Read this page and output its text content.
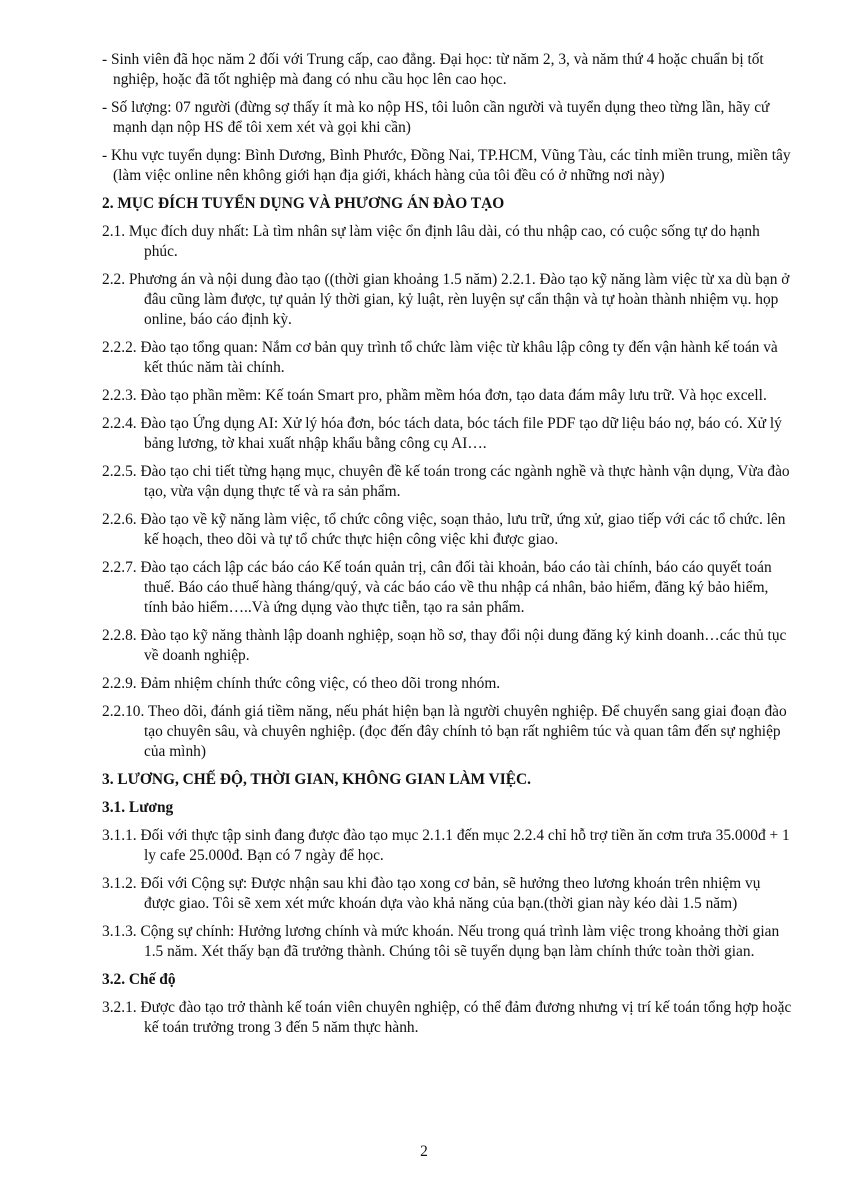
- Sinh viên đã học năm 2 đối với Trung cấp, cao đẳng. Đại học: từ năm 2, 3, và năm thứ 4 hoặc chuẩn bị tốt nghiệp, hoặc đã tốt nghiệp mà đang có nhu cầu học lên cao học.
- Số lượng: 07 người (đừng sợ thấy ít mà ko nộp HS, tôi luôn cần người và tuyển dụng theo từng lần, hãy cứ mạnh dạn nộp HS để tôi xem xét và gọi khi cần)
- Khu vực tuyển dụng: Bình Dương, Bình Phước, Đồng Nai, TP.HCM, Vũng Tàu, các tỉnh miền trung, miền tây (làm việc online nên không giới hạn địa giới, khách hàng của tôi đều có ở những nơi này)
2. MỤC ĐÍCH TUYỂN DỤNG VÀ PHƯƠNG ÁN ĐÀO TẠO
2.1. Mục đích duy nhất: Là tìm nhân sự làm việc ổn định lâu dài, có thu nhập cao, có cuộc sống tự do hạnh phúc.
2.2. Phương án và nội dung đào tạo ((thời gian khoảng 1.5 năm) 2.2.1. Đào tạo kỹ năng làm việc từ xa dù bạn ở đâu cũng làm được, tự quản lý thời gian, kỷ luật, rèn luyện sự cẩn thận và tự hoàn thành nhiệm vụ. họp online, báo cáo định kỳ.
2.2.2. Đào tạo tổng quan: Nắm cơ bản quy trình tổ chức làm việc từ khâu lập công ty đến vận hành kế toán và kết thúc năm tài chính.
2.2.3. Đào tạo phần mềm: Kế toán Smart pro, phầm mềm hóa đơn, tạo data đám mây lưu trữ. Và học excell.
2.2.4. Đào tạo Ứng dụng AI: Xử lý hóa đơn, bóc tách data, bóc tách file PDF tạo dữ liệu báo nợ, báo có. Xử lý bảng lương, tờ khai xuất nhập khẩu bằng công cụ AI….
2.2.5. Đào tạo chi tiết từng hạng mục, chuyên đề kế toán trong các ngành nghề và thực hành vận dụng, Vừa đào tạo, vừa vận dụng thực tế và ra sản phẩm.
2.2.6. Đào tạo về kỹ năng làm việc, tổ chức công việc, soạn thảo, lưu trữ, ứng xử, giao tiếp với các tổ chức. lên kế hoạch, theo dõi và tự tổ chức thực hiện công việc khi được giao.
2.2.7. Đào tạo cách lập các báo cáo Kế toán quản trị, cân đối tài khoản, báo cáo tài chính, báo cáo quyết toán thuế. Báo cáo thuế hàng tháng/quý, và các báo cáo về thu nhập cá nhân, bảo hiểm, đăng ký bảo hiểm, tính bảo hiểm…..Và ứng dụng vào thực tiễn, tạo ra sản phẩm.
2.2.8. Đào tạo kỹ năng thành lập doanh nghiệp, soạn hồ sơ, thay đổi nội dung đăng ký kinh doanh…các thủ tục về doanh nghiệp.
2.2.9. Đảm nhiệm chính thức công việc, có theo dõi trong nhóm.
2.2.10. Theo dõi, đánh giá tiềm năng, nếu phát hiện bạn là người chuyên nghiệp. Để chuyển sang giai đoạn đào tạo chuyên sâu, và chuyên nghiệp. (đọc đến đây chính tỏ bạn rất nghiêm túc và quan tâm đến sự nghiệp của mình)
3. LƯƠNG, CHẾ ĐỘ, THỜI GIAN, KHÔNG GIAN LÀM VIỆC.
3.1. Lương
3.1.1. Đối với thực tập sinh đang được đào tạo mục 2.1.1 đến mục 2.2.4 chỉ hỗ trợ tiền ăn cơm trưa 35.000đ + 1 ly cafe 25.000đ. Bạn có 7 ngày để học.
3.1.2. Đối với Cộng sự: Được nhận sau khi đào tạo xong cơ bản, sẽ hưởng theo lương khoán trên nhiệm vụ được giao. Tôi sẽ xem xét mức khoán dựa vào khả năng của bạn.(thời gian này kéo dài 1.5 năm)
3.1.3. Cộng sự chính: Hưởng lương chính và mức khoán. Nếu trong quá trình làm việc trong khoảng thời gian 1.5 năm. Xét thấy bạn đã trưởng thành. Chúng tôi sẽ tuyển dụng bạn làm chính thức toàn thời gian.
3.2. Chế độ
3.2.1. Được đào tạo trở thành kế toán viên chuyên nghiệp, có thể đảm đương nhưng vị trí kế toán tổng hợp hoặc kế toán trưởng trong 3 đến 5 năm thực hành.
2
